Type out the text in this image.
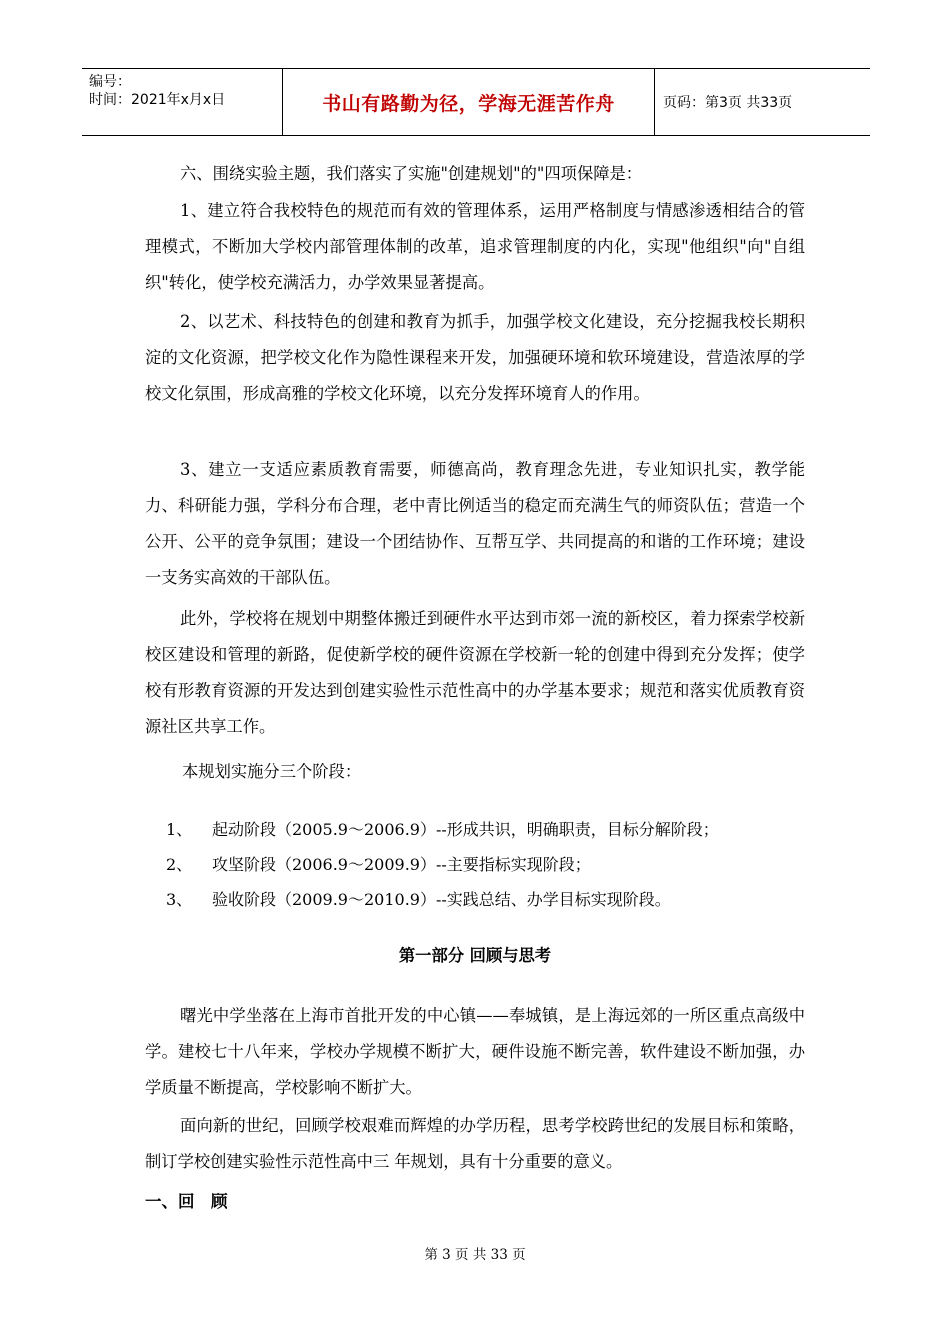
编号：
时间：2021年x月x日	书山有路勤为径，学海无涯苦作舟	页码：第3页 共33页
六、围绕实验主题，我们落实了实施"创建规划"的"四项保障是：

1、建立符合我校特色的规范而有效的管理体系，运用严格制度与情感渗透相结合的管理模式，不断加大学校内部管理体制的改革，追求管理制度的内化，实现"他组织"向"自组织"转化，使学校充满活力，办学效果显著提高。

2、以艺术、科技特色的创建和教育为抓手，加强学校文化建设，充分挖掘我校长期积淀的文化资源，把学校文化作为隐性课程来开发，加强硬环境和软环境建设，营造浓厚的学校文化氛围，形成高雅的学校文化环境，以充分发挥环境育人的作用。

3、建立一支适应素质教育需要，师德高尚，教育理念先进，专业知识扎实，教学能力、科研能力强，学科分布合理，老中青比例适当的稳定而充满生气的师资队伍；营造一个公开、公平的竞争氛围；建设一个团结协作、互帮互学、共同提高的和谐的工作环境；建设一支务实高效的干部队伍。

此外，学校将在规划中期整体搬迁到硬件水平达到市郊一流的新校区，着力探索学校新校区建设和管理的新路，促使新学校的硬件资源在学校新一轮的创建中得到充分发挥；使学校有形教育资源的开发达到创建实验性示范性高中的办学基本要求；规范和落实优质教育资源社区共享工作。

本规划实施分三个阶段：
1、 起动阶段（2005.9～2006.9）--形成共识，明确职责，目标分解阶段；
2、 攻坚阶段（2006.9～2009.9）--主要指标实现阶段；
3、 验收阶段（2009.9～2010.9）--实践总结、办学目标实现阶段。
第一部分 回顾与思考

曙光中学坐落在上海市首批开发的中心镇——奉城镇，是上海远郊的一所区重点高级中学。建校七十八年来，学校办学规模不断扩大，硬件设施不断完善，软件建设不断加强，办学质量不断提高，学校影响不断扩大。

面向新的世纪，回顾学校艰难而辉煌的办学历程，思考学校跨世纪的发展目标和策略，制订学校创建实验性示范性高中三 年规划，具有十分重要的意义。

一、回　顾
第 3 页 共 33 页
